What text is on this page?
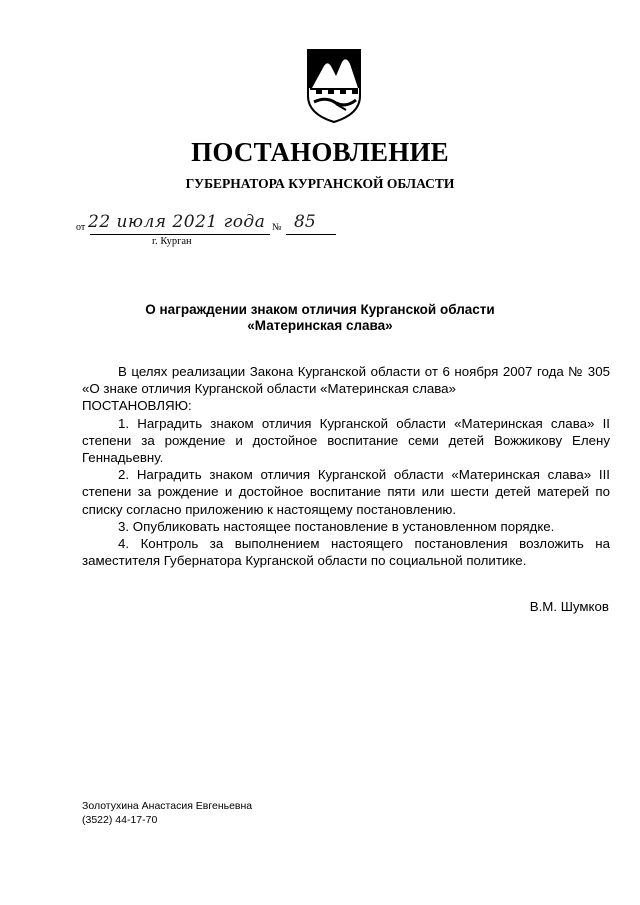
ПОСТАНОВЛЕНИЕ
ГУБЕРНАТОРА КУРГАНСКОЙ ОБЛАСТИ
от 22 июля 2021 года № 85
г. Курган
О награждении знаком отличия Курганской области
«Материнская слава»

В целях реализации Закона Курганской области от 6 ноября 2007 года № 305 «О знаке отличия Курганской области «Материнская слава»

ПОСТАНОВЛЯЮ:

1. Наградить знаком отличия Курганской области «Материнская слава» II степени за рождение и достойное воспитание семи детей Вожжикову Елену Геннадьевну.

2. Наградить знаком отличия Курганской области «Материнская слава» III степени за рождение и достойное воспитание пяти или шести детей матерей по списку согласно приложению к настоящему постановлению.

3. Опубликовать настоящее постановление в установленном порядке.

4. Контроль за выполнением настоящего постановления возложить на заместителя Губернатора Курганской области по социальной политике.

В.М. Шумков
Золотухина Анастасия Евгеньевна
(3522) 44-17-70
